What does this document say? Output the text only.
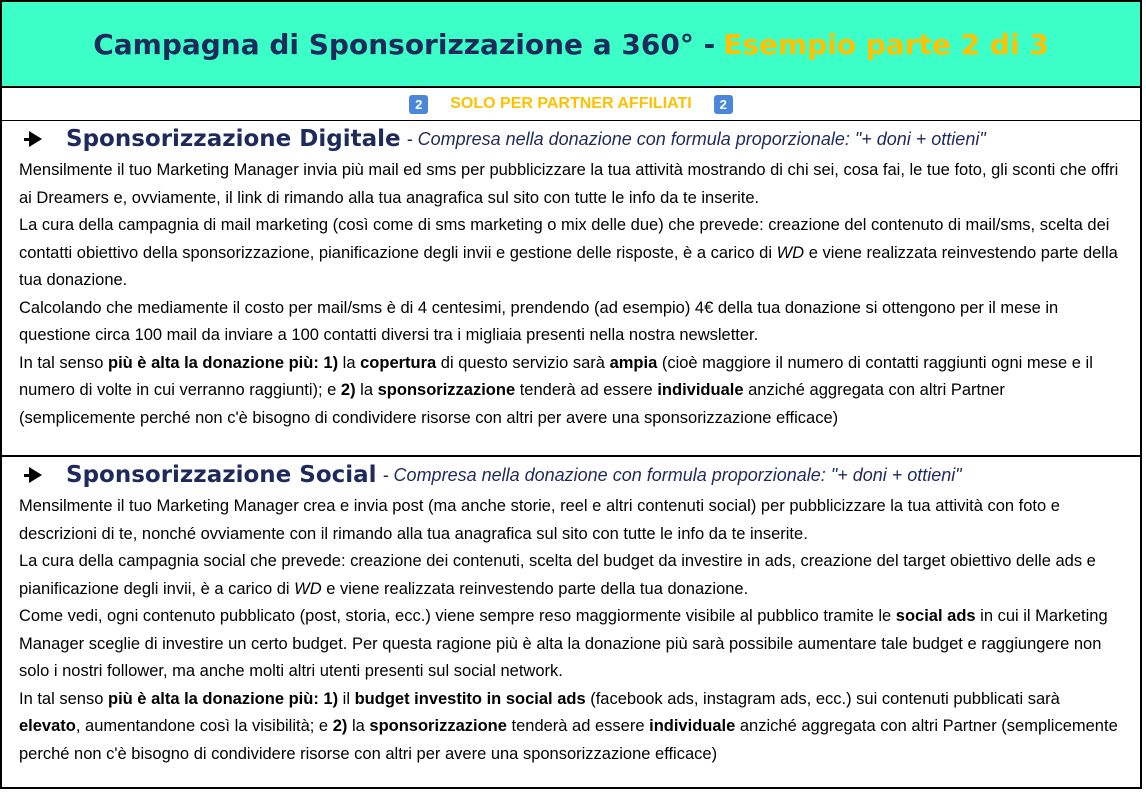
Campagna di Sponsorizzazione a 360° - Esempio parte 2 di 3
2	SOLO PER PARTNER AFFILIATI	2
Sponsorizzazione Digitale - Compresa nella donazione con formula proporzionale: "+ doni + ottieni"

Mensilmente il tuo Marketing Manager invia più mail ed sms per pubblicizzare la tua attività mostrando di chi sei, cosa fai, le tue foto, gli sconti che offri ai Dreamers e, ovviamente, il link di rimando alla tua anagrafica sul sito con tutte le info da te inserite.

La cura della campagnia di mail marketing (così come di sms marketing o mix delle due) che prevede: creazione del contenuto di mail/sms, scelta dei contatti obiettivo della sponsorizzazione, pianificazione degli invii e gestione delle risposte, è a carico di WD e viene realizzata reinvestendo parte della tua donazione.

Calcolando che mediamente il costo per mail/sms è di 4 centesimi, prendendo (ad esempio) 4€ della tua donazione si ottengono per il mese in questione circa 100 mail da inviare a 100 contatti diversi tra i migliaia presenti nella nostra newsletter.

In tal senso più è alta la donazione più: 1) la copertura di questo servizio sarà ampia (cioè maggiore il numero di contatti raggiunti ogni mese e il numero di volte in cui verranno raggiunti); e 2) la sponsorizzazione tenderà ad essere individuale anziché aggregata con altri Partner (semplicemente perché non c'è bisogno di condividere risorse con altri per avere una sponsorizzazione efficace)

Sponsorizzazione Social - Compresa nella donazione con formula proporzionale: "+ doni + ottieni"

Mensilmente il tuo Marketing Manager crea e invia post (ma anche storie, reel e altri contenuti social) per pubblicizzare la tua attività con foto e descrizioni di te, nonché ovviamente con il rimando alla tua anagrafica sul sito con tutte le info da te inserite.

La cura della campagnia social che prevede: creazione dei contenuti, scelta del budget da investire in ads, creazione del target obiettivo delle ads e pianificazione degli invii, è a carico di WD e viene realizzata reinvestendo parte della tua donazione.

Come vedi, ogni contenuto pubblicato (post, storia, ecc.) viene sempre reso maggiormente visibile al pubblico tramite le social ads in cui il Marketing Manager sceglie di investire un certo budget. Per questa ragione più è alta la donazione più sarà possibile aumentare tale budget e raggiungere non solo i nostri follower, ma anche molti altri utenti presenti sul social network.

In tal senso più è alta la donazione più: 1) il budget investito in social ads (facebook ads, instagram ads, ecc.) sui contenuti pubblicati sarà elevato, aumentandone così la visibilità; e 2) la sponsorizzazione tenderà ad essere individuale anziché aggregata con altri Partner (semplicemente perché non c'è bisogno di condividere risorse con altri per avere una sponsorizzazione efficace)
